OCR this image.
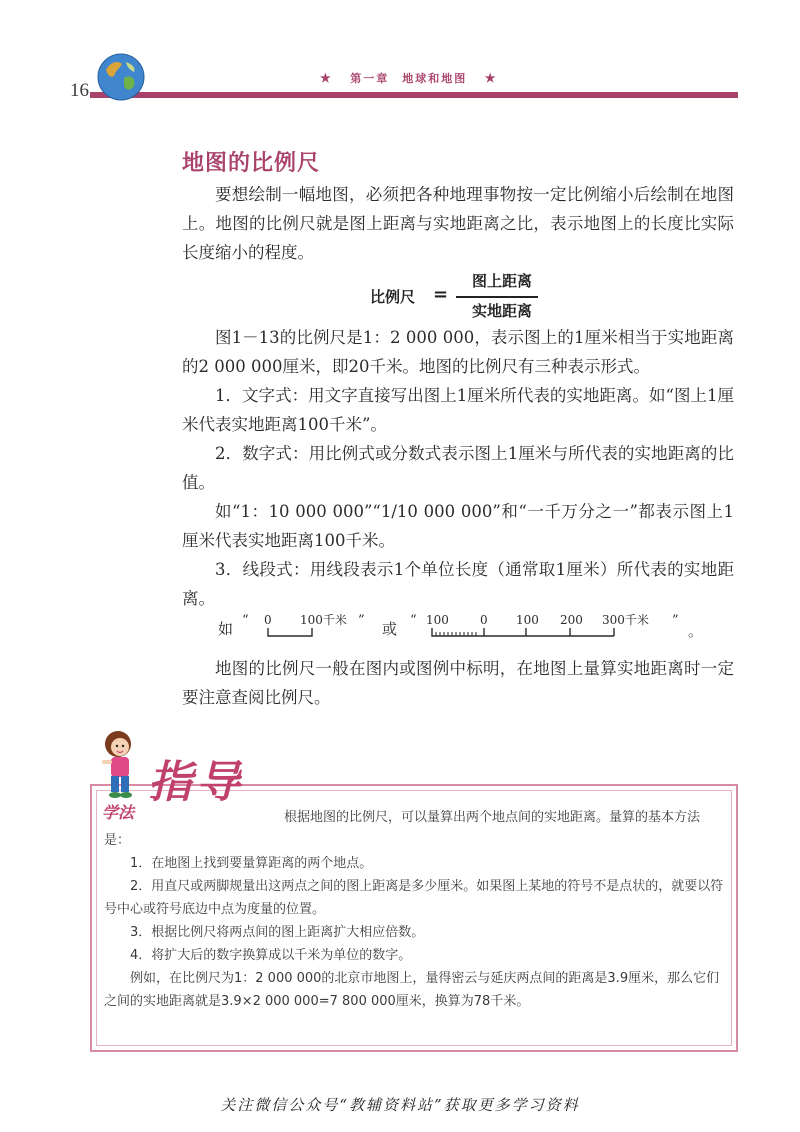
16
★ 第一章　地球和地图 ★
地图的比例尺

要想绘制一幅地图，必须把各种地理事物按一定比例缩小后绘制在地图上。地图的比例尺就是图上距离与实地距离之比，表示地图上的长度比实际长度缩小的程度。

比例尺 =
图上距离
实地距离

图1－13的比例尺是1：2 000 000，表示图上的1厘米相当于实地距离的2 000 000厘米，即20千米。地图的比例尺有三种表示形式。

1．文字式：用文字直接写出图上1厘米所代表的实地距离。如“图上1厘米代表实地距离100千米”。

2．数字式：用比例式或分数式表示图上1厘米与所代表的实地距离的比值。

如“1：10 000 000”“1/10 000 000”和“一千万分之一”都表示图上1厘米代表实地距离100千米。

3．线段式：用线段表示1个单位长度（通常取1厘米）所代表的实地距离。

如 “ 0 100千米 ” 或 “ 100	0 100 200 300千米 ”
。

地图的比例尺一般在图内或图例中标明，在地图上量算实地距离时一定要注意查阅比例尺。

指导
学法	根据地图的比例尺，可以量算出两个地点间的实地距离。量算的基本方法是：

1．在地图上找到要量算距离的两个地点。

2．用直尺或两脚规量出这两点之间的图上距离是多少厘米。如果图上某地的符号不是点状的，就要以符号中心或符号底边中点为度量的位置。

3．根据比例尺将两点间的图上距离扩大相应倍数。

4．将扩大后的数字换算成以千米为单位的数字。

例如，在比例尺为1：2 000 000的北京市地图上，量得密云与延庆两点间的距离是3.9厘米，那么它们之间的实地距离就是3.9×2 000 000=7 800 000厘米，换算为78千米。

关注微信公众号“教辅资料站”获取更多学习资料
